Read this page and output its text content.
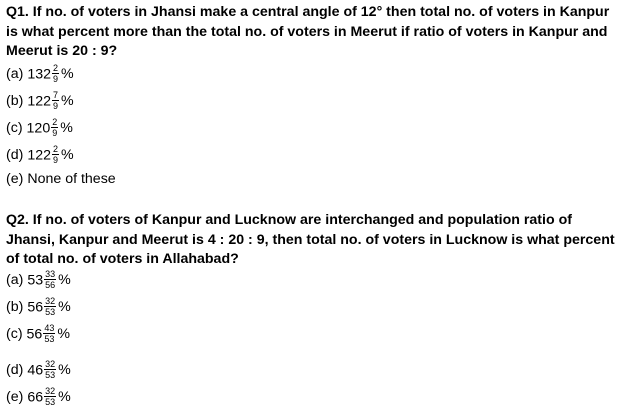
Q1. If no. of voters in Jhansi make a central angle of 12° then total no. of voters in Kanpur is what percent more than the total no. of voters in Meerut if ratio of voters in Kanpur and Meerut is 20 : 9?
(a) $132 \frac{2}{9}$ %
(b) $122 \frac{7}{9}$ %
(c) $120 \frac{2}{9}$ %
(d) $122 \frac{2}{9}$ %
(e) None of these
Q2. If no. of voters of Kanpur and Lucknow are interchanged and population ratio of Jhansi, Kanpur and Meerut is 4 : 20 : 9, then total no. of voters in Lucknow is what percent of total no. of voters in Allahabad?
(a) $53 \frac{33}{56}$ %
(b) $56 \frac{32}{53}$ %
(c) $56 \frac{43}{53}$ %
(d) $46 \frac{32}{53}$ %
(e) $66 \frac{32}{53}$ %
